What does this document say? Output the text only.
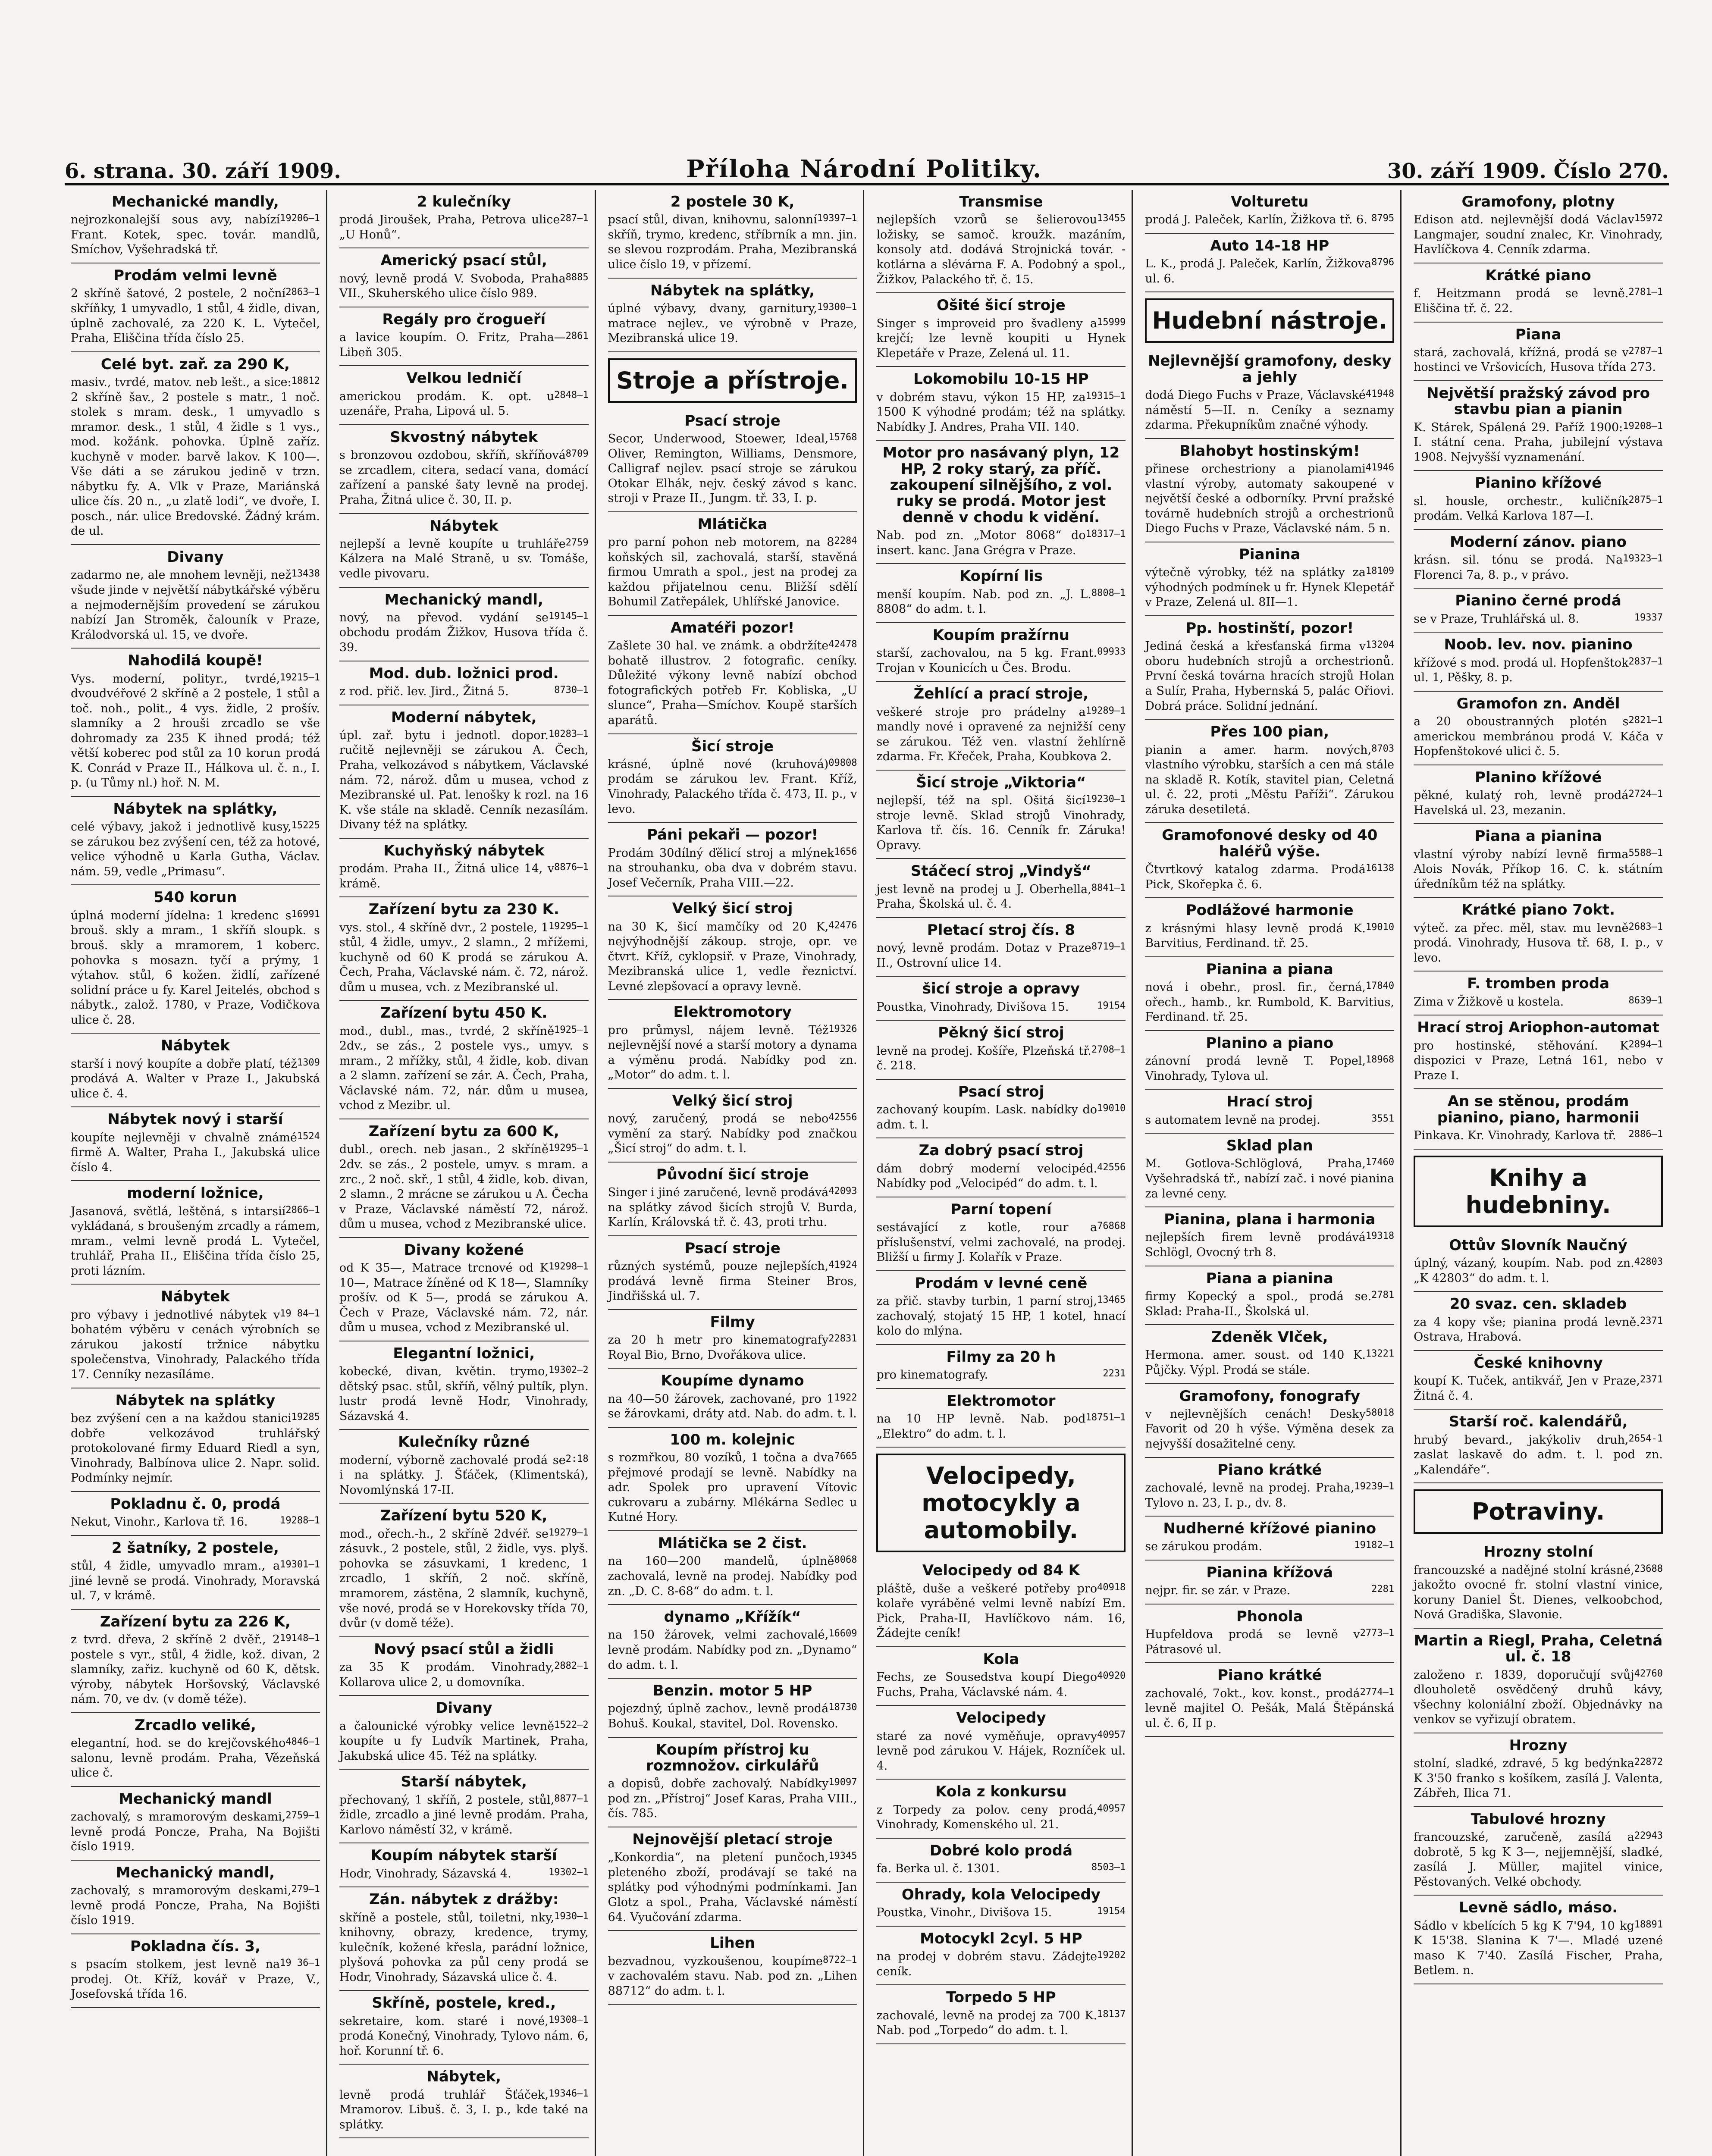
6. strana. 30. září 1909.	Příloha Národní Politiky.	30. září 1909. Číslo 270.
Mechanické mandly,
19206—1
nejrozkonalejší sous avy, nabízí Frant. Kotek, spec. továr. mandlů, Smíchov, Vyšehradská tř.
Prodám velmi levně
2863—1
2 skříně šatové, 2 postele, 2 noční skříňky, 1 umyvadlo, 1 stůl, 4 židle, divan, úplně zachovalé, za 220 K. L. Vytečel, Praha, Eliščina třída číslo 25.
Celé byt. zař. za 290 K,
18812
masiv., tvrdé, matov. neb lešt., a sice: 2 skříně šav., 2 postele s matr., 1 noč. stolek s mram. desk., 1 umyvadlo s mramor. desk., 1 stůl, 4 židle s 1 vys., mod. kožánk. pohovka. Úplně zaříz. kuchyně v moder. barvě lakov. K 100—. Vše dáti a se zárukou jedině v trzn. nábytku fy. A. Vlk v Praze, Mariánská ulice čís. 20 n., „u zlatě lodi“, ve dvoře, I. posch., nár. ulice Bredovské. Žádný krám. de ul.
Divany
13438
zadarmo ne, ale mnohem levněji, než všude jinde v největší nábytkářské výběru a nejmodernějším provedení se zárukou nabízí Jan Stroměk, čalouník v Praze, Králodvorská ul. 15, ve dvoře.
Nahodilá koupě!
19215—1
Vys. moderní, polityr., tvrdé, dvoudvéřové 2 skříně a 2 postele, 1 stůl a toč. noh., polit., 4 vys. židle, 2 prošív. slamníky a 2 hrouši zrcadlo se vše dohromady za 235 K ihned prodá; též větší koberec pod stůl za 10 korun prodá K. Conrád v Praze II., Hálkova ul. č. n., I. p. (u Tůmy nl.) hoř. N. M.
Nábytek na splátky,
15225
celé výbavy, jakož i jednotlivě kusy, se zárukou bez zvýšení cen, též za hotové, velice výhodně u Karla Gutha, Václav. nám. 59, vedle „Primasu“.
540 korun
16991
úplná moderní jídelna: 1 kredenc s brouš. skly a mram., 1 skříň sloupk. s brouš. skly a mramorem, 1 koberc. pohovka s mosazn. tyčí a prýmy, 1 výtahov. stůl, 6 kožen. židlí, zařízené solidní práce u fy. Karel Jeitelés, obchod s nábytk., založ. 1780, v Praze, Vodičkova ulice č. 28.
Nábytek
1309
starší i nový koupíte a dobře platí, též prodává A. Walter v Praze I., Jakubská ulice č. 4.
Nábytek nový i starší
1524
koupíte nejlevněji v chvalně známé firmě A. Walter, Praha I., Jakubská ulice číslo 4.
moderní ložnice,
2866—1
Jasanová, světlá, leštěná, s intarsií vykládaná, s broušeným zrcadly a rámem, mram., velmi levně prodá L. Vytečel, truhlář, Praha II., Eliščina třída číslo 25, proti lázním.
Nábytek
19 84—1
pro výbavy i jednotlivé nábytek v bohatém výběru v cenách výrobních se zárukou jakostí tržnice nábytku společenstva, Vinohrady, Palackého třída 17. Cenníky nezasíláme.
Nábytek na splátky
19285
bez zvýšení cen a na každou stanici dobře velkozávod truhlářský protokolované firmy Eduard Riedl a syn, Vinohrady, Balbínova ulice 2. Napr. solid. Podmínky nejmír.
Pokladnu č. 0, prodá
19288—1
Nekut, Vinohr., Karlova tř. 16.
2 šatníky, 2 postele,
19301—1
stůl, 4 židle, umyvadlo mram., a jiné levně se prodá. Vinohrady, Moravská ul. 7, v krámě.
Zařízení bytu za 226 K,
19148—1
z tvrd. dřeva, 2 skříně 2 dvěř., 2 postele s vyr., stůl, 4 židle, kož. divan, 2 slamníky, zařiz. kuchyně od 60 K, dětsk. výroby, nábytek Horšovský, Václavské nám. 70, ve dv. (v domě téže).
Zrcadlo veliké,
4846—1
elegantní, hod. se do krejčovského salonu, levně prodám. Praha, Vězeňská ulice č.
Mechanický mandl
2759—1
zachovalý, s mramorovým deskami, levně prodá Poncze, Praha, Na Bojišti číslo 1919.
Mechanický mandl,
279—1
zachovalý, s mramorovým deskami, levně prodá Poncze, Praha, Na Bojišti číslo 1919.
Pokladna čís. 3,
19 36—1
s psacím stolkem, jest levně na prodej. Ot. Kříž, kovář v Praze, V., Josefovská třída 16.
2 kulečníky
287—1
prodá Jiroušek, Praha, Petrova ulice „U Honů“.
Americký psací stůl,
8885
nový, levně prodá V. Svoboda, Praha VII., Skuherského ulice číslo 989.
Regály pro črogueří
2861
a lavice koupím. O. Fritz, Praha—Libeň 305.
Velkou ledničí
2848—1
americkou prodám. K. opt. u uzenáře, Praha, Lipová ul. 5.
Skvostný nábytek
8709
s bronzovou ozdobou, skříň, skříňová se zrcadlem, citera, sedací vana, domácí zařízení a panské šaty levně na prodej. Praha, Žitná ulice č. 30, II. p.
Nábytek
2759
nejlepší a levně koupíte u truhláře Kálzera na Malé Straně, u sv. Tomáše, vedle pivovaru.
Mechanický mandl,
19145—1
nový, na převod. vydání se obchodu prodám Žižkov, Husova třída č. 39.
Mod. dub. ložnici prod.
8730—1
z rod. přič. lev. Jird., Žitná 5.
Moderní nábytek,
10283—1
úpl. zař. bytu i jednotl. dopor. ručitě nejlevněji se zárukou A. Čech, Praha, velkozávod s nábytkem, Václavské nám. 72, nárož. dům u musea, vchod z Mezibranské ul. Pat. lenošky k rozl. na 16 K. vše stále na skladě. Cenník nezasílám. Divany též na splátky.
Kuchyňský nábytek
8876—1
prodám. Praha II., Žitná ulice 14, v krámě.
Zařízení bytu za 230 K.
19295—1
vys. stol., 4 skříně dvr., 2 postele, 1 stůl, 4 židle, umyv., 2 slamn., 2 mřížemi, kuchyně od 60 K prodá se zárukou A. Čech, Praha, Václavské nám. č. 72, nárož. dům u musea, vch. z Mezibranské ul.
Zařízení bytu 450 K.
1925—1
mod., dubl., mas., tvrdé, 2 skříně 2dv., se zás., 2 postele vys., umyv. s mram., 2 mřížky, stůl, 4 židle, kob. divan a 2 slamn. zařízení se zár. A. Čech, Praha, Václavské nám. 72, nár. dům u musea, vchod z Mezibr. ul.
Zařízení bytu za 600 K,
19295—1
dubl., orech. neb jasan., 2 skříně 2dv. se zás., 2 postele, umyv. s mram. a zrc., 2 noč. skř., 1 stůl, 4 židle, kob. divan, 2 slamn., 2 mrácne se zárukou u A. Čecha v Praze, Václavské náměstí 72, nárož. dům u musea, vchod z Mezibranské ulice.
Divany kožené
19298—1
od K 35—, Matrace trcnové od K 10—, Matrace žíněné od K 18—, Slamníky prošív. od K 5—, prodá se zárukou A. Čech v Praze, Václavské nám. 72, nár. dům u musea, vchod z Mezibranské ul.
Elegantní ložnici,
19302—2
kobecké, divan, květin. trymo, dětský psac. stůl, skříň, vělný pultík, plyn. lustr prodá levně Hodr, Vinohrady, Sázavská 4.
Kulečníky různé
2:18
moderní, výborně zachovalé prodá se i na splátky. J. Šťáček, (Klimentská), Novomlýnská 17-II.
Zařízení bytu 520 K,
19279—1
mod., ořech.-h., 2 skříně 2dvéř. se zásuvk., 2 postele, stůl, 2 židle, vys. plyš. pohovka se zásuvkami, 1 kredenc, 1 zrcadlo, 1 skříň, 2 noč. skříně, mramorem, zástěna, 2 slamník, kuchyně, vše nové, prodá se v Horekovsky třída 70, dvůr (v domě téže).
Nový psací stůl a židli
2882—1
za 35 K prodám. Vinohrady, Kollarova ulice 2, u domovníka.
Divany
1522—2
a čalounické výrobky velice levně koupíte u fy Ludvík Martinek, Praha, Jakubská ulice 45. Též na splátky.
Starší nábytek,
8877—1
přechovaný, 1 skříň, 2 postele, stůl, židle, zrcadlo a jiné levně prodám. Praha, Karlovo náměstí 32, v krámě.
Koupím nábytek starší
19302—1
Hodr, Vinohrady, Sázavská 4.
Zán. nábytek z drážby:
1930—1
skříně a postele, stůl, toiletni, nky, knihovny, obrazy, kredence, trymy, kulečník, kožené křesla, parádní ložnice, plyšová pohovka za půl ceny prodá se Hodr, Vinohrady, Sázavská ulice č. 4.
Skříně, postele, kred.,
19308—1
sekretaire, kom. staré i nové, prodá Konečný, Vinohrady, Tylovo nám. 6, hoř. Korunní tř. 6.
Nábytek,
19346—1
levně prodá truhlář Šťáček, Mramorov. Libuš. č. 3, I. p., kde také na splátky.
2 postele 30 K,
19397—1
psací stůl, divan, knihovnu, salonní skříň, trymo, kredenc, stříbrník a mn. jin. se slevou rozprodám. Praha, Mezibranská ulice číslo 19, v přízemí.
Nábytek na splátky,
19300—1
úplné výbavy, dvany, garnitury, matrace nejlev., ve výrobně v Praze, Mezibranská ulice 19.
Stroje a přístroje.
Psací stroje
15768
Secor, Underwood, Stoewer, Ideal, Oliver, Remington, Williams, Densmore, Calligraf nejlev. psací stroje se zárukou Otokar Elhák, nejv. český závod s kanc. stroji v Praze II., Jungm. tř. 33, I. p.
Mlátička
2284
pro parní pohon neb motorem, na 8 koňských sil, zachovalá, starší, stavěná firmou Umrath a spol., jest na prodej za každou přijatelnou cenu. Bližší sdělí Bohumil Zatřepálek, Uhlířské Janovice.
Amatéři pozor!
42478
Zašlete 30 hal. ve známk. a obdržíte bohatě illustrov. 2 fotografic. ceníky. Důležité výkony levně nabízí obchod fotografických potřeb Fr. Kobliska, „U slunce“, Praha—Smíchov. Koupě starších aparátů.
Šicí stroje
09808
krásné, úplně nové (kruhová) prodám se zárukou lev. Frant. Kříž, Vinohrady, Palackého třída č. 473, II. p., v levo.
Páni pekaři — pozor!
1656
Prodám 30dílný ďělicí stroj a mlýnek na strouhanku, oba dva v dobrém stavu. Josef Večerník, Praha VIII.—22.
Velký šicí stroj
42476
na 30 K, šicí mamčíky od 20 K, nejvýhodnější zákoup. stroje, opr. ve čtvrt. Kříž, cyklopsiř. v Praze, Vinohrady, Mezibranská ulice 1, vedle řeznictví. Levné zlepšovací a opravy levně.
Elektromotory
19326
pro průmysl, nájem levně. Též nejlevnější nové a starší motory a dynama a výměnu prodá. Nabídky pod zn. „Motor“ do adm. t. l.
Velký šicí stroj
42556
nový, zaručený, prodá se nebo vymění za starý. Nabídky pod značkou „Šicí stroj“ do adm. t. l.
Původní šicí stroje
42093
Singer i jiné zaručené, levně prodává na splátky závod šicích strojů V. Burda, Karlín, Královská tř. č. 43, proti trhu.
Psací stroje
41924
různých systémů, pouze nejlepších, prodává levně firma Steiner Bros, Jindřišská ul. 7.
Filmy
22831
za 20 h metr pro kinematografy Royal Bio, Brno, Dvořákova ulice.
Koupíme dynamo
1922
na 40—50 žárovek, zachované, pro 1 se žárovkami, dráty atd. Nab. do adm. t. l.
100 m. kolejnic
7665
s rozmřkou, 80 vozíků, 1 točna a dva přejmové prodají se levně. Nabídky na adr. Spolek pro upravení Vítovic cukrovaru a zubárny. Mlékárna Sedlec u Kutné Hory.
Mlátička se 2 čist.
8068
na 160—200 mandelů, úplně zachovalá, levně na prodej. Nabídky pod zn. „D. C. 8-68“ do adm. t. l.
dynamo „Křížík“
16609
na 150 žárovek, velmi zachovalé, levně prodám. Nabídky pod zn. „Dynamo“ do adm. t. l.
Benzin. motor 5 HP
18730
pojezdný, úplně zachov., levně prodá Bohuš. Koukal, stavitel, Dol. Rovensko.
Koupím přístroj ku rozmnožov. cirkulářů
19097
a dopisů, dobře zachovalý. Nabídky pod zn. „Přístroj“ Josef Karas, Praha VIII., čís. 785.
Nejnovější pletací stroje
19345
„Konkordia“, na pletení punčoch, pleteného zboží, prodávají se také na splátky pod výhodnými podmínkami. Jan Glotz a spol., Praha, Václavské náměstí 64. Vyučování zdarma.
Lihen
8722—1
bezvadnou, vyzkoušenou, koupíme v zachovalém stavu. Nab. pod zn. „Lihen 88712“ do adm. t. l.
Transmise
13455
nejlepších vzorů se šelierovou ložisky, se samoč. kroužk. mazáním, konsoly atd. dodává Strojnická továr. - kotlárna a slévárna F. A. Podobný a spol., Žižkov, Palackého tř. č. 15.
Ošité šicí stroje
15999
Singer s improveid pro švadleny a krejčí; lze levně koupiti u Hynek Klepetáře v Praze, Zelená ul. 11.
Lokomobilu 10-15 HP
19315—1
v dobrém stavu, výkon 15 HP, za 1500 K výhodné prodám; též na splátky. Nabídky J. Andres, Praha VII. 140.
Motor pro nasávaný plyn, 12 HP, 2 roky starý, za příč. zakoupení silnějšího, z vol. ruky se prodá. Motor jest denně v chodu k vidění.
18317—1
Nab. pod zn. „Motor 8068“ do insert. kanc. Jana Grégra v Praze.
Kopírní lis
8808—1
menší koupím. Nab. pod zn. „J. L. 8808“ do adm. t. l.
Koupím pražírnu
09933
starší, zachovalou, na 5 kg. Frant. Trojan v Kounicích u Čes. Brodu.
Žehlící a prací stroje,
19289—1
veškeré stroje pro prádelny a mandly nové i opravené za nejnižší ceny se zárukou. Též ven. vlastní žehlírně zdarma. Fr. Křeček, Praha, Koubkova 2.
Šicí stroje „Viktoria“
19230—1
nejlepší, též na spl. Ošitá šicí stroje levně. Sklad strojů Vinohrady, Karlova tř. čís. 16. Cenník fr. Záruka! Opravy.
Stáčecí stroj „Vindyš“
8841—1
jest levně na prodej u J. Oberhella, Praha, Školská ul. č. 4.
Pletací stroj čís. 8
8719—1
nový, levně prodám. Dotaz v Praze II., Ostrovní ulice 14.
šicí stroje a opravy
19154
Poustka, Vinohrady, Divišova 15.
Pěkný šicí stroj
2708—1
levně na prodej. Košíře, Plzeňská tř. č. 218.
Psací stroj
19010
zachovaný koupím. Lask. nabídky do adm. t. l.
Za dobrý psací stroj
42556
dám dobrý moderní velocipéd. Nabídky pod „Velocipéd“ do adm. t. l.
Parní topení
76868
sestávající z kotle, rour a příslušenství, velmi zachovalé, na prodej. Bližší u firmy J. Kolařík v Praze.
Prodám v levné ceně
13465
za přič. stavby turbin, 1 parní stroj, zachovalý, stojatý 15 HP, 1 kotel, hnací kolo do mlýna.
Filmy za 20 h
2231
pro kinematografy.
Elektromotor
18751—1
na 10 HP levně. Nab. pod „Elektro“ do adm. t. l.
Velocipedy, motocykly a automobily.
Velocipedy od 84 K
40918
pláště, duše a veškeré potřeby pro kolaře vyráběné velmi levně nabízí Em. Pick, Praha-II, Havlíčkovo nám. 16, Žádejte ceník!
Kola
40920
Fechs, ze Sousedstva koupí Diego Fuchs, Praha, Václavské nám. 4.
Velocipedy
40957
staré za nové vyměňuje, opravy levně pod zárukou V. Hájek, Rozníček ul. 4.
Kola z konkursu
40957
z Torpedy za polov. ceny prodá, Vinohrady, Komenského ul. 21.
Dobré kolo prodá
8503—1
fa. Berka ul. č. 1301.
Ohrady, kola Velocipedy
19154
Poustka, Vinohr., Divišova 15.
Motocykl 2cyl. 5 HP
19202
na prodej v dobrém stavu. Zádejte ceník.
Torpedo 5 HP
18137
zachovalé, levně na prodej za 700 K. Nab. pod „Torpedo“ do adm. t. l.
Volturetu
8795
prodá J. Paleček, Karlín, Žižkova tř. 6.
Auto 14-18 HP
8796
L. K., prodá J. Paleček, Karlín, Žižkova ul. 6.
Hudební nástroje.
Nejlevnější gramofony, desky a jehly
41948
dodá Diego Fuchs v Praze, Václavské náměstí 5—II. n. Ceníky a seznamy zdarma. Překupníkům značné výhody.
Blahobyt hostinským!
41946
přinese orchestriony a pianolami vlastní výroby, automaty sakoupené v největší české a odborníky. První pražské továrně hudebních strojů a orchestrionů Diego Fuchs v Praze, Václavské nám. 5 n.
Pianina
18109
výtečně výrobky, též na splátky za výhodných podmínek u fr. Hynek Klepetář v Praze, Zelená ul. 8II—1.
Pp. hostinští, pozor!
13204
Jediná česká a křesťanská firma v oboru hudebních strojů a orchestrionů. První česká továrna hracích strojů Holan a Sulír, Praha, Hybernská 5, palác Ořiovi. Dobrá práce. Solidní jednání.
Přes 100 pian,
8703
pianin a amer. harm. nových, vlastního výrobku, starších a cen má stále na skladě R. Kotík, stavitel pian, Celetná ul. č. 22, proti „Městu Paříži“. Zárukou záruka desetiletá.
Gramofonové desky od 40 haléřů výše.
16138
Čtvrtkový katalog zdarma. Prodá Pick, Skořepka č. 6.
Podlážové harmonie
19010
z krásnými hlasy levně prodá K. Barvitius, Ferdinand. tř. 25.
Pianina a piana
17840
nová i obehr., prosl. fir., černá, ořech., hamb., kr. Rumbold, K. Barvitius, Ferdinand. tř. 25.
Planino a piano
18968
zánovní prodá levně T. Popel, Vinohrady, Tylova ul.
Hrací stroj
3551
s automatem levně na prodej.
Sklad plan
17460
M. Gotlova-Schlöglová, Praha, Vyšehradská tř., nabízí zač. i nové pianina za levné ceny.
Pianina, plana i harmonia
19318
nejlepších firem levně prodává Schlögl, Ovocný trh 8.
Piana a pianina
2781
firmy Kopecký a spol., prodá se. Sklad: Praha-II., Školská ul.
Zdeněk Vlček,
13221
Hermona. amer. soust. od 140 K. Půjčky. Výpl. Prodá se stále.
Gramofony, fonografy
58018
v nejlevnějších cenách! Desky Favorit od 20 h výše. Výměna desek za nejvyšší dosažitelné ceny.
Piano krátké
19239—1
zachovalé, levně na prodej. Praha, Tylovo n. 23, I. p., dv. 8.
Nudherné křížové pianino
19182—1
se zárukou prodám.
Pianina křížová
2281
nejpr. fir. se zár. v Praze.
Phonola
2773—1
Hupfeldova prodá se levně v Pátrasové ul.
Piano krátké
2774—1
zachovalé, 7okt., kov. konst., prodá levně majitel O. Pešák, Malá Štěpánská ul. č. 6, II p.
Gramofony, plotny
15972
Edison atd. nejlevnější dodá Václav Langmajer, soudní znalec, Kr. Vinohrady, Havlíčkova 4. Cenník zdarma.
Krátké piano
2781—1
f. Heitzmann prodá se levně. Eliščina tř. č. 22.
Piana
2787—1
stará, zachovalá, křížná, prodá se v hostinci ve Vršovicích, Husova třída 273.
Největší pražský závod pro stavbu pian a pianin
19208—1
K. Stárek, Spálená 29. Paříž 1900: I. státní cena. Praha, jubilejní výstava 1908. Nejvyšší vyznamenání.
Pianino křížové
2875—1
sl. housle, orchestr., kuličník prodám. Velká Karlova 187—I.
Moderní zánov. piano
19323—1
krásn. sil. tónu se prodá. Na Florenci 7a, 8. p., v právo.
Pianino černé prodá
19337
se v Praze, Truhlářská ul. 8.
Noob. lev. nov. pianino
2837—1
křížové s mod. prodá ul. Hopfenštok ul. 1, Pěšky, 8. p.
Gramofon zn. Anděl
2821—1
a 20 oboustranných plotén s americkou membránou prodá V. Káča v Hopfenštokové ulici č. 5.
Planino křížové
2724—1
pěkné, kulatý roh, levně prodá Havelská ul. 23, mezanin.
Piana a pianina
5588—1
vlastní výroby nabízí levně firma Alois Novák, Příkop 16. C. k. státním úředníkům též na splátky.
Krátké piano 7okt.
2683—1
výteč. za přec. měl, stav. mu levně prodá. Vinohrady, Husova tř. 68, I. p., v levo.
F. tromben proda
8639—1
Zima v Žižkově u kostela.
Hrací stroj Ariophon-automat
2894—1
pro hostinské, stěhování. K dispozici v Praze, Letná 161, nebo v Praze I.
An se stěnou, prodám pianino, piano, harmonii
2886—1
Pinkava. Kr. Vinohrady, Karlova tř.
Knihy a hudebniny.
Ottův Slovník Naučný
42803
úplný, vázaný, koupím. Nab. pod zn. „K 42803“ do adm. t. l.
20 svaz. cen. skladeb
2371
za 4 kopy vše; pianina prodá levně. Ostrava, Hrabová.
České knihovny
2371
koupí K. Tuček, antikvář, Jen v Praze, Žitná č. 4.
Starší roč. kalendářů,
2654-1
hrubý bevard., jakýkoliv druh, zaslat laskavě do adm. t. l. pod zn. „Kalendáře“.
Potraviny.
Hrozny stolní
23688
francouzské a nadějné stolní krásné, jakožto ovocné fr. stolní vlastní vinice, koruny Daniel Št. Dienes, velkoobchod, Nová Gradiška, Slavonie.
Martin a Riegl, Praha, Celetná ul. č. 18
42760
založeno r. 1839, doporučují svůj dlouholetě osvědčený druhů kávy, všechny koloniální zboží. Objednávky na venkov se vyřizují obratem.
Hrozny
22872
stolní, sladké, zdravé, 5 kg bedýnka K 3'50 franko s košíkem, zasílá J. Valenta, Zábřeh, Ilica 71.
Tabulové hrozny
22943
francouzské, zaručeně, zasílá a dobrotě, 5 kg K 3—, nejjemnější, sladké, zasílá J. Müller, majitel vinice, Pěstovaných. Velké obchody.
Levně sádlo, máso.
18891
Sádlo v kbelících 5 kg K 7'94, 10 kg K 15'38. Slanina K 7'—. Mladé uzené maso K 7'40. Zasílá Fischer, Praha, Betlem. n.
